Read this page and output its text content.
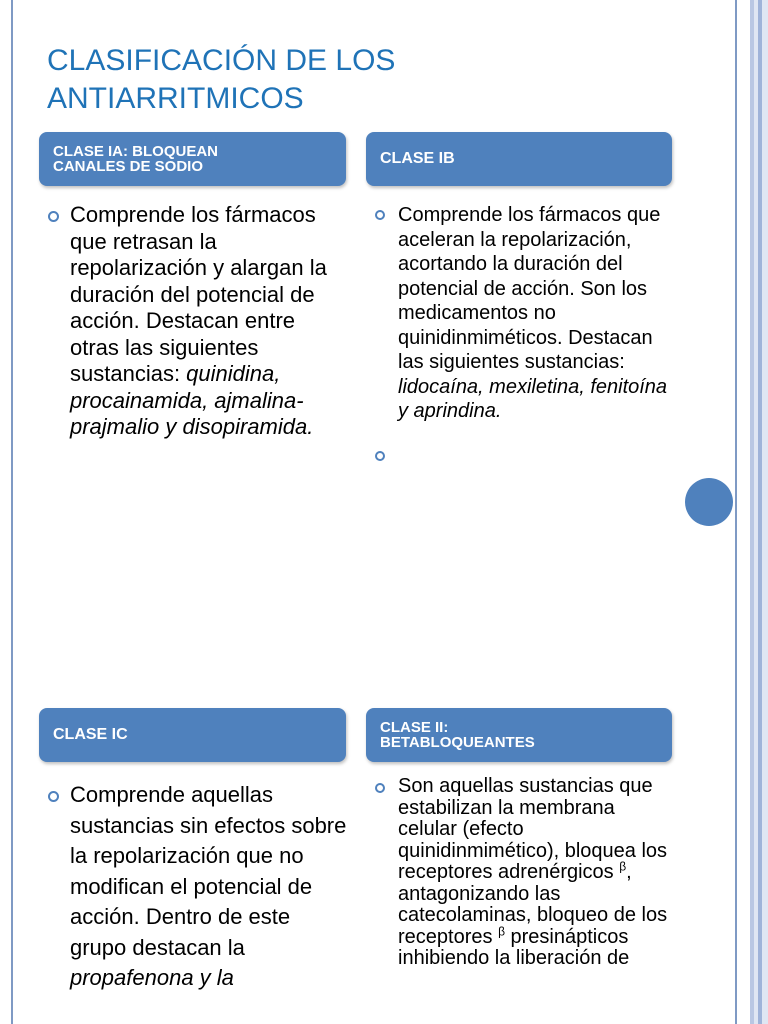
CLASIFICACIÓN DE LOS
ANTIARRITMICOS
CLASE IA: BLOQUEAN
CANALES DE SODIO
Comprende los fármacos que retrasan la repolarización y alargan la duración del potencial de acción. Destacan entre otras las siguientes sustancias: quinidina, procainamida, ajmalina-prajmalio y disopiramida.
CLASE IB
Comprende los fármacos que aceleran la repolarización, acortando la duración del potencial de acción. Son los medicamentos no quinidinmiméticos. Destacan las siguientes sustancias: lidocaína, mexiletina, fenitoína y aprindina.
CLASE IC
Comprende aquellas sustancias sin efectos sobre la repolarización que no modifican el potencial de acción. Dentro de este grupo destacan la propafenona y la
CLASE II:
BETABLOQUEANTES
Son aquellas sustancias que estabilizan la membrana celular (efecto quinidinmimético), bloquea los receptores adrenérgicos $^\beta$, antagonizando las catecolaminas, bloqueo de los receptores $^\beta$ presinápticos inhibiendo la liberación de
